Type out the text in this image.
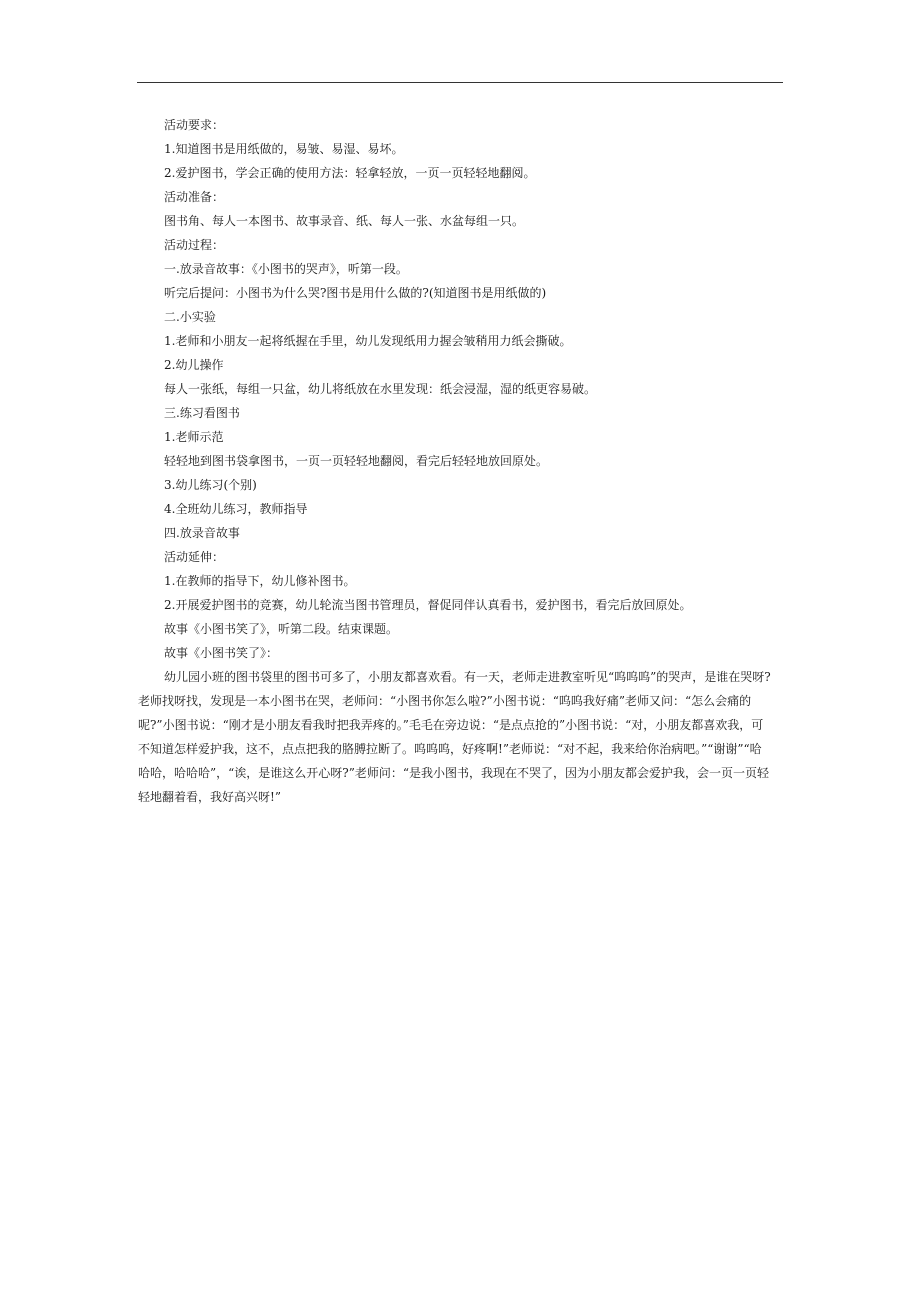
活动要求：
1.知道图书是用纸做的，易皱、易湿、易坏。
2.爱护图书，学会正确的使用方法：轻拿轻放，一页一页轻轻地翻阅。
活动准备：
图书角、每人一本图书、故事录音、纸、每人一张、水盆每组一只。
活动过程：
一.放录音故事：《小图书的哭声》，听第一段。
听完后提问：小图书为什么哭?图书是用什么做的?(知道图书是用纸做的)
二.小实验
1.老师和小朋友一起将纸握在手里，幼儿发现纸用力握会皱稍用力纸会撕破。
2.幼儿操作
每人一张纸，每组一只盆，幼儿将纸放在水里发现：纸会浸湿，湿的纸更容易破。
三.练习看图书
1.老师示范
轻轻地到图书袋拿图书，一页一页轻轻地翻阅，看完后轻轻地放回原处。
3.幼儿练习(个别)
4.全班幼儿练习，教师指导
四.放录音故事
活动延伸：
1.在教师的指导下，幼儿修补图书。
2.开展爱护图书的竞赛，幼儿轮流当图书管理员，督促同伴认真看书，爱护图书，看完后放回原处。
故事《小图书笑了》，听第二段。结束课题。
故事《小图书笑了》：
幼儿园小班的图书袋里的图书可多了，小朋友都喜欢看。有一天，老师走进教室听见“呜呜呜”的哭声，是谁在哭呀?
老师找呀找，发现是一本小图书在哭，老师问：“小图书你怎么啦?”小图书说：“呜呜我好痛”老师又问：“怎么会痛的
呢?”小图书说：“刚才是小朋友看我时把我弄疼的。”毛毛在旁边说：“是点点抢的”小图书说：“对，小朋友都喜欢我，可
不知道怎样爱护我，这不，点点把我的胳膊拉断了。呜呜呜，好疼啊!”老师说：“对不起，我来给你治病吧。”“谢谢”“哈
哈哈，哈哈哈”，“诶，是谁这么开心呀?”老师问：“是我小图书，我现在不哭了，因为小朋友都会爱护我，会一页一页轻
轻地翻着看，我好高兴呀!”
